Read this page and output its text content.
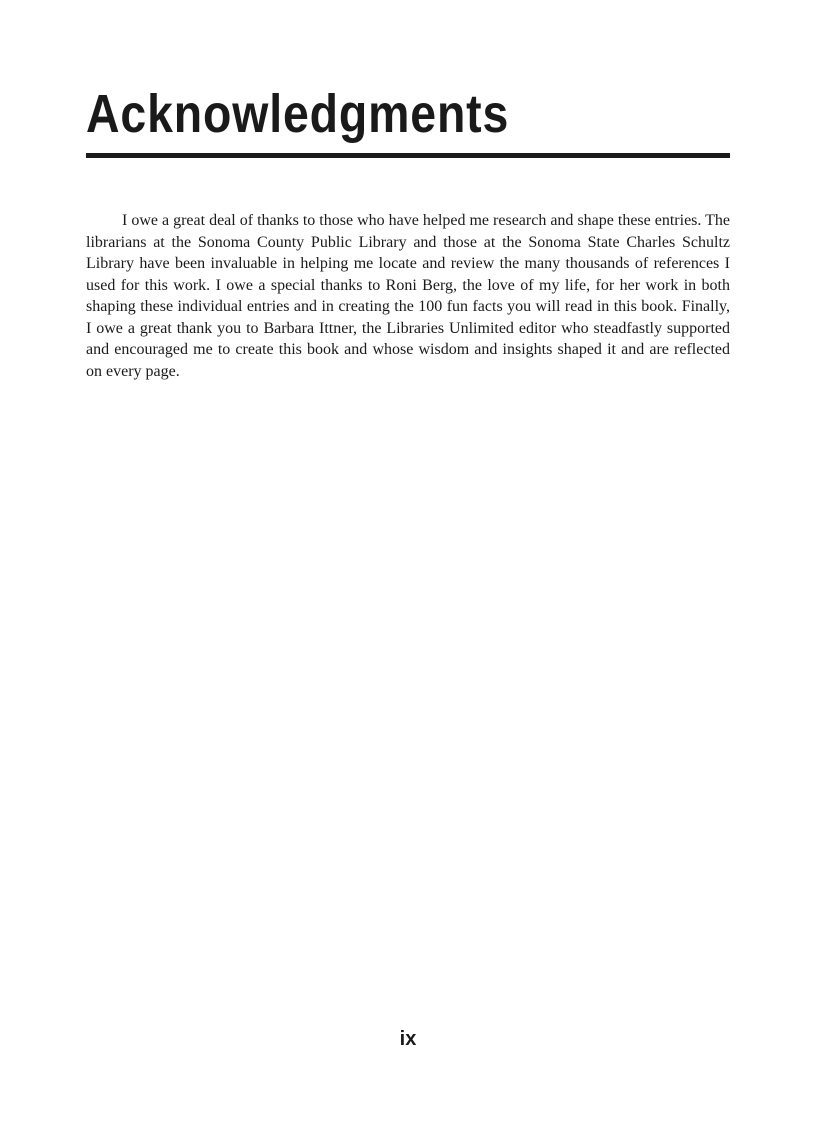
Acknowledgments

I owe a great deal of thanks to those who have helped me research and shape these entries. The librarians at the Sonoma County Public Library and those at the Sonoma State Charles Schultz Library have been invaluable in helping me locate and review the many thousands of references I used for this work. I owe a special thanks to Roni Berg, the love of my life, for her work in both shaping these individual entries and in creating the 100 fun facts you will read in this book. Finally, I owe a great thank you to Barbara Ittner, the Libraries Unlimited editor who steadfastly supported and encouraged me to create this book and whose wisdom and insights shaped it and are reflected on every page.

ix
